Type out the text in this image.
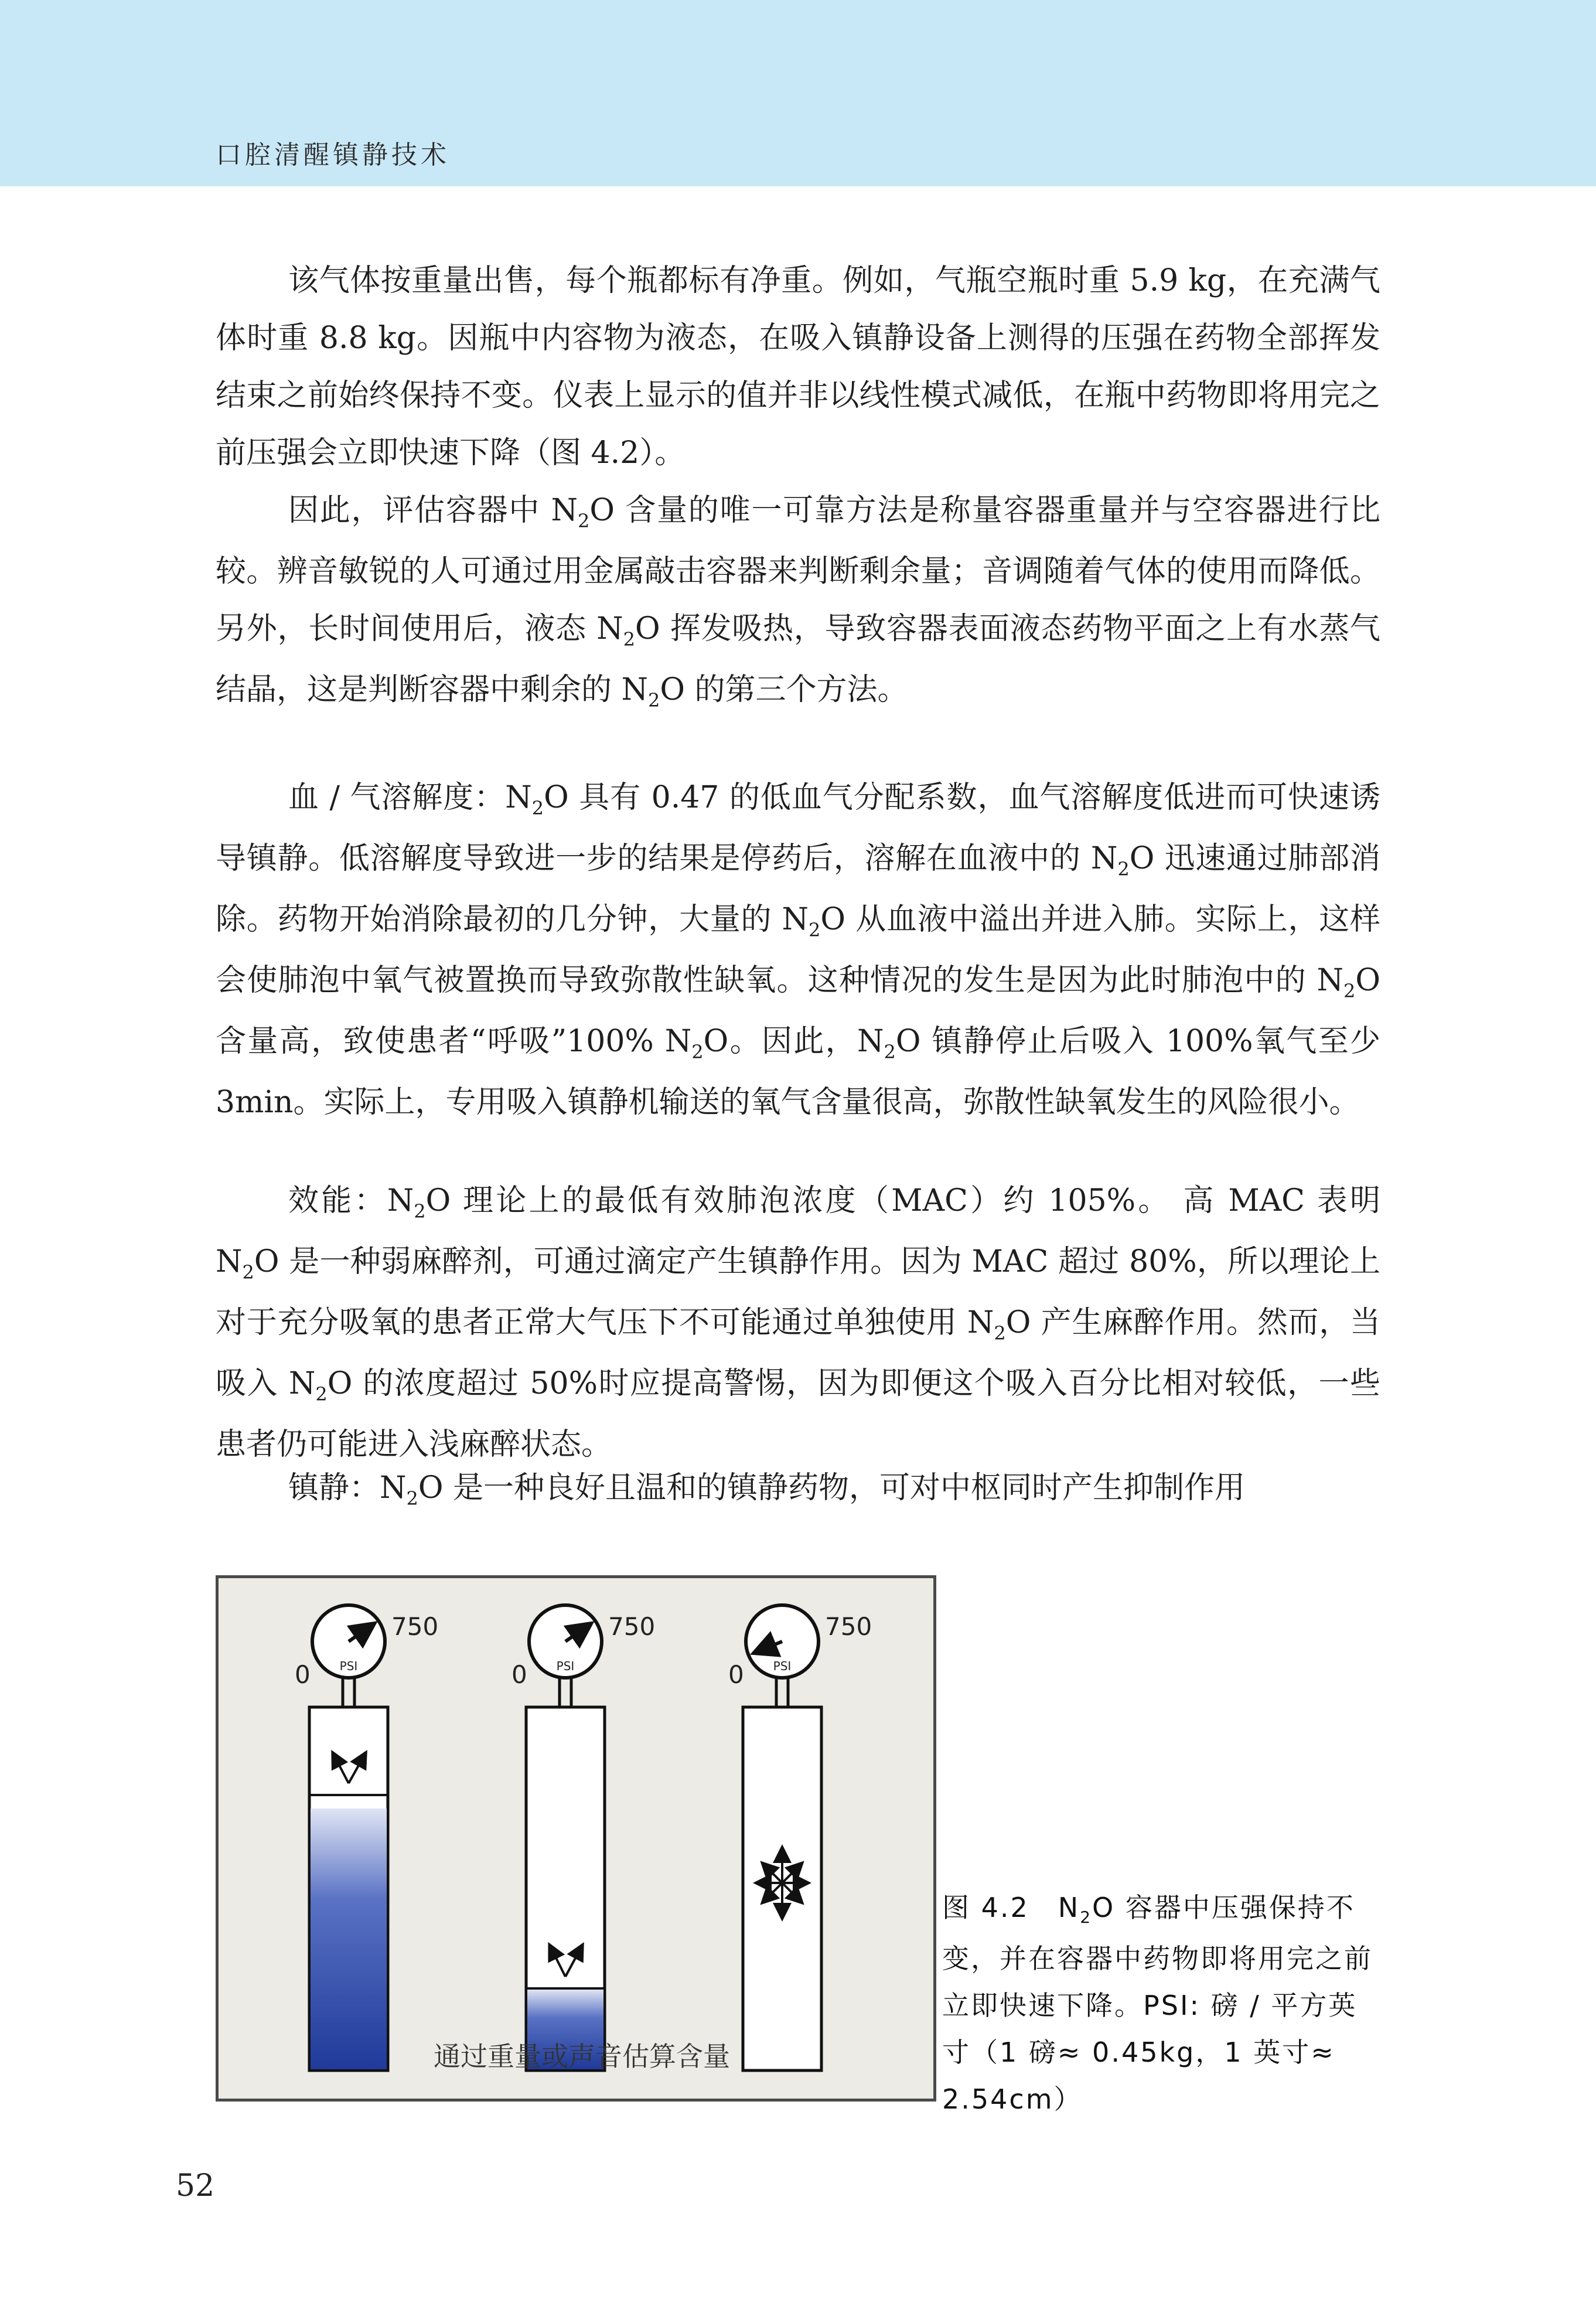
口腔清醒镇静技术

该气体按重量出售，每个瓶都标有净重。例如，气瓶空瓶时重 5.9 kg，在充满气体时重 8.8 kg。因瓶中内容物为液态，在吸入镇静设备上测得的压强在药物全部挥发结束之前始终保持不变。仪表上显示的值并非以线性模式减低，在瓶中药物即将用完之前压强会立即快速下降（图 4.2）。

因此，评估容器中 $N_2O$ 含量的唯一可靠方法是称量容器重量并与空容器进行比较。辨音敏锐的人可通过用金属敲击容器来判断剩余量；音调随着气体的使用而降低。另外，长时间使用后，液态 $N_2O$ 挥发吸热，导致容器表面液态药物平面之上有水蒸气结晶，这是判断容器中剩余的 $N_2O$ 的第三个方法。

血 / 气溶解度：$N_2O$ 具有 0.47 的低血气分配系数，血气溶解度低进而可快速诱导镇静。低溶解度导致进一步的结果是停药后，溶解在血液中的 $N_2O$ 迅速通过肺部消除。药物开始消除最初的几分钟，大量的 $N_2O$ 从血液中溢出并进入肺。实际上，这样会使肺泡中氧气被置换而导致弥散性缺氧。这种情况的发生是因为此时肺泡中的 $N_2O$ 含量高，致使患者“呼吸”100% $N_2O$。因此，$N_2O$ 镇静停止后吸入 100%氧气至少 3min。实际上，专用吸入镇静机输送的氧气含量很高，弥散性缺氧发生的风险很小。

效能：$N_2O$ 理论上的最低有效肺泡浓度（MAC）约 105%。 高 MAC 表明 $N_2O$ 是一种弱麻醉剂，可通过滴定产生镇静作用。因为 MAC 超过 80%，所以理论上对于充分吸氧的患者正常大气压下不可能通过单独使用 $N_2O$ 产生麻醉作用。然而，当吸入 $N_2O$ 的浓度超过 50%时应提高警惕，因为即便这个吸入百分比相对较低，一些患者仍可能进入浅麻醉状态。

镇静：$N_2O$ 是一种良好且温和的镇静药物，可对中枢同时产生抑制作用

750
0	PSI
750
0	PSI
750
0	PSI
通过重量或声音估算含量
图 4.2　$N_2O$ 容器中压强保持不变，并在容器中药物即将用完之前立即快速下降。PSI: 磅 / 平方英寸（1 磅≈ 0.45kg，1 英寸≈ 2.54cm）
52
